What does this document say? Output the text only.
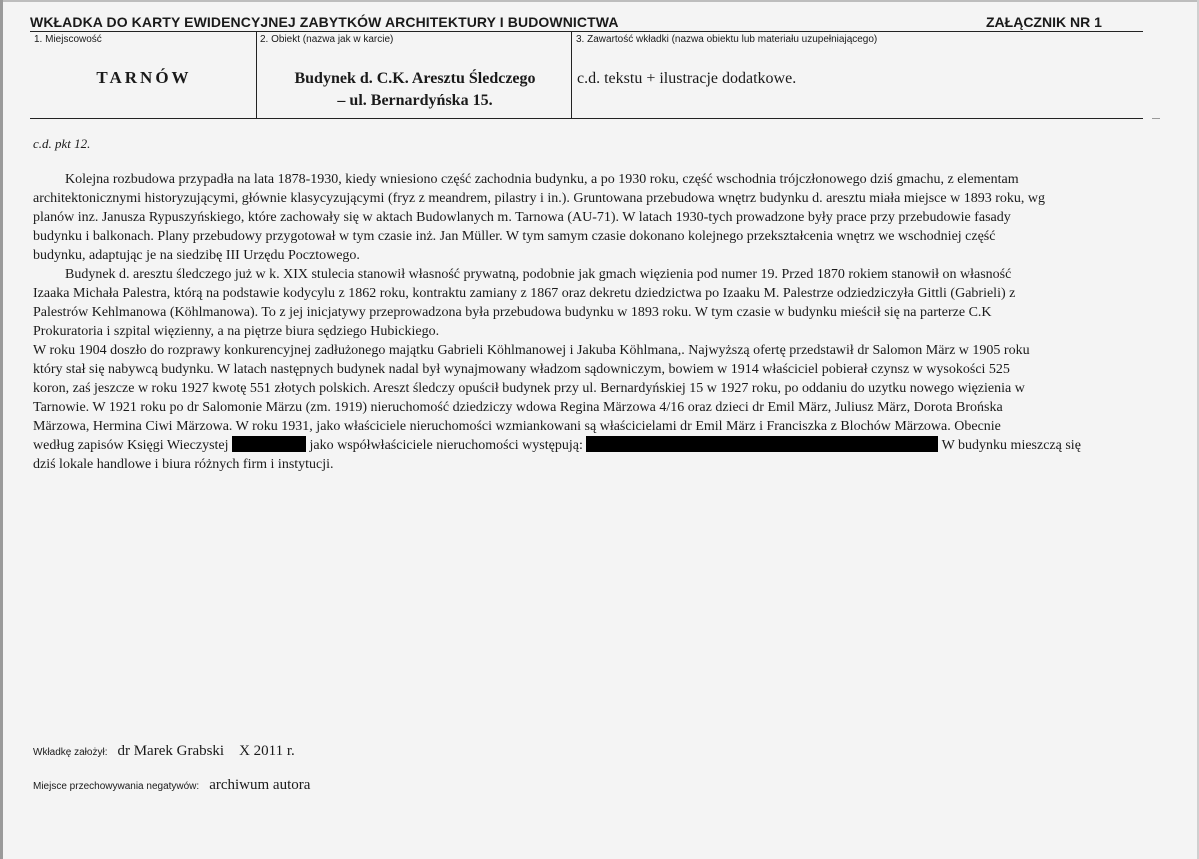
WKŁADKA DO KARTY EWIDENCYJNEJ ZABYTKÓW ARCHITEKTURY I BUDOWNICTWA	ZAŁĄCZNIK NR 1
1. Miejscowość	2. Obiekt (nazwa jak w karcie)	3. Zawartość wkładki (nazwa obiektu lub materiału uzupełniającego)
TARNÓW	Budynek d. C.K. Aresztu Śledczego
– ul. Bernardyńska 15.
c.d. tekstu + ilustracje dodatkowe.
c.d. pkt 12.

Kolejna rozbudowa przypadła na lata 1878-1930, kiedy wniesiono część zachodnia budynku, a po 1930 roku, część wschodnia trójczłonowego dziś gmachu, z elementam

architektonicznymi historyzującymi, głównie klasycyzującymi (fryz z meandrem, pilastry i in.). Gruntowana przebudowa wnętrz budynku d. aresztu miała miejsce w 1893 roku, wg

planów inz. Janusza Rypuszyńskiego, które zachowały się w aktach Budowlanych m. Tarnowa (AU-71). W latach 1930-tych prowadzone były prace przy przebudowie fasady

budynku i balkonach. Plany przebudowy przygotował w tym czasie inż. Jan Müller. W tym samym czasie dokonano kolejnego przekształcenia wnętrz we wschodniej część

budynku, adaptując je na siedzibę III Urzędu Pocztowego.

Budynek d. aresztu śledczego już w k. XIX stulecia stanowił własność prywatną, podobnie jak gmach więzienia pod numer 19. Przed 1870 rokiem stanowił on własność

Izaaka Michała Palestra, którą na podstawie kodycylu z 1862 roku, kontraktu zamiany z 1867 oraz dekretu dziedzictwa po Izaaku M. Palestrze odziedziczyła Gittli (Gabrieli) z

Palestrów Kehlmanowa (Köhlmanowa). To z jej inicjatywy przeprowadzona była przebudowa budynku w 1893 roku. W tym czasie w budynku mieścił się na parterze C.K

Prokuratoria i szpital więzienny, a na piętrze biura sędziego Hubickiego.

W roku 1904 doszło do rozprawy konkurencyjnej zadłużonego majątku Gabrieli Köhlmanowej i Jakuba Köhlmana,. Najwyższą ofertę przedstawił dr Salomon März w 1905 roku

który stał się nabywcą budynku. W latach następnych budynek nadal był wynajmowany władzom sądowniczym, bowiem w 1914 właściciel pobierał czynsz w wysokości 525

koron, zaś jeszcze w roku 1927 kwotę 551 złotych polskich. Areszt śledczy opuścił budynek przy ul. Bernardyńskiej 15 w 1927 roku, po oddaniu do uzytku nowego więzienia w

Tarnowie. W 1921 roku po dr Salomonie Märzu (zm. 1919) nieruchomość dziedziczy wdowa Regina Märzowa 4/16 oraz dzieci dr Emil März, Juliusz März, Dorota Brońska

Märzowa, Hermina Ciwi Märzowa. W roku 1931, jako właściciele nieruchomości wzmiankowani są właścicielami dr Emil März i Franciszka z Blochów Märzowa. Obecnie

według zapisów Księgi Wieczystej	jako współwłaściciele nieruchomości występują:	W budynku mieszczą się

dziś lokale handlowe i biura różnych firm i instytucji.

Wkładkę założył: dr Marek Grabski    X 2011 r.
Miejsce przechowywania negatywów: archiwum autora
